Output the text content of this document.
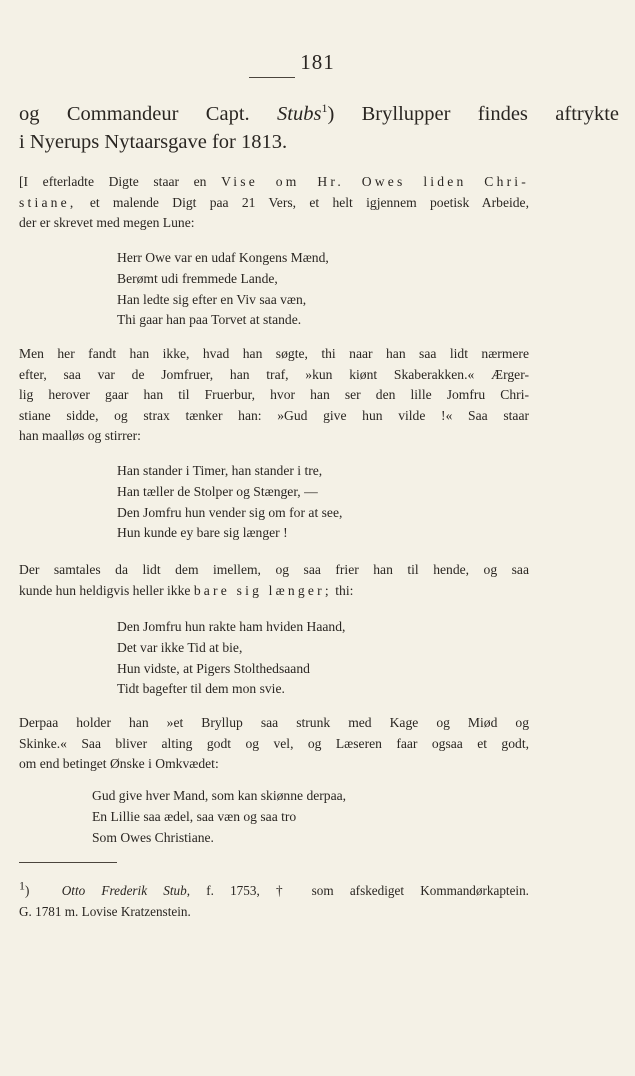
181
og Commandeur Capt. Stubs$^1$) Bryllupper findes aftrykte
i Nyerups Nytaarsgave for 1813.
[I efterladte Digte staar en Vise om Hr. Owes liden Chri-
stiane, et malende Digt paa 21 Vers, et helt igjennem poetisk Arbeide,
der er skrevet med megen Lune:
Herr Owe var en udaf Kongens Mænd,
Berømt udi fremmede Lande,
Han ledte sig efter en Viv saa væn,
Thi gaar han paa Torvet at stande.
Men her fandt han ikke, hvad han søgte, thi naar han saa lidt nærmere
efter, saa var de Jomfruer, han traf, »kun kiønt Skaberakken.« Ærger-
lig herover gaar han til Fruerbur, hvor han ser den lille Jomfru Chri-
stiane sidde, og strax tænker han: »Gud give hun vilde !« Saa staar
han maalløs og stirrer:
Han stander i Timer, han stander i tre,
Han tæller de Stolper og Stænger, —
Den Jomfru hun vender sig om for at see,
Hun kunde ey bare sig længer !
Der samtales da lidt dem imellem, og saa frier han til hende, og saa
kunde hun heldigvis heller ikke bare sig længer; thi:
Den Jomfru hun rakte ham hviden Haand,
Det var ikke Tid at bie,
Hun vidste, at Pigers Stolthedsaand
Tidt bagefter til dem mon svie.
Derpaa holder han »et Bryllup saa strunk med Kage og Miød og
Skinke.« Saa bliver alting godt og vel, og Læseren faar ogsaa et godt,
om end betinget Ønske i Omkvædet:
Gud give hver Mand, som kan skiønne derpaa,
En Lillie saa ædel, saa væn og saa tro
Som Owes Christiane.
1)  Otto Frederik Stub, f. 1753, † som afskediget Kommandørkaptein.
G. 1781 m. Lovise Kratzenstein.
